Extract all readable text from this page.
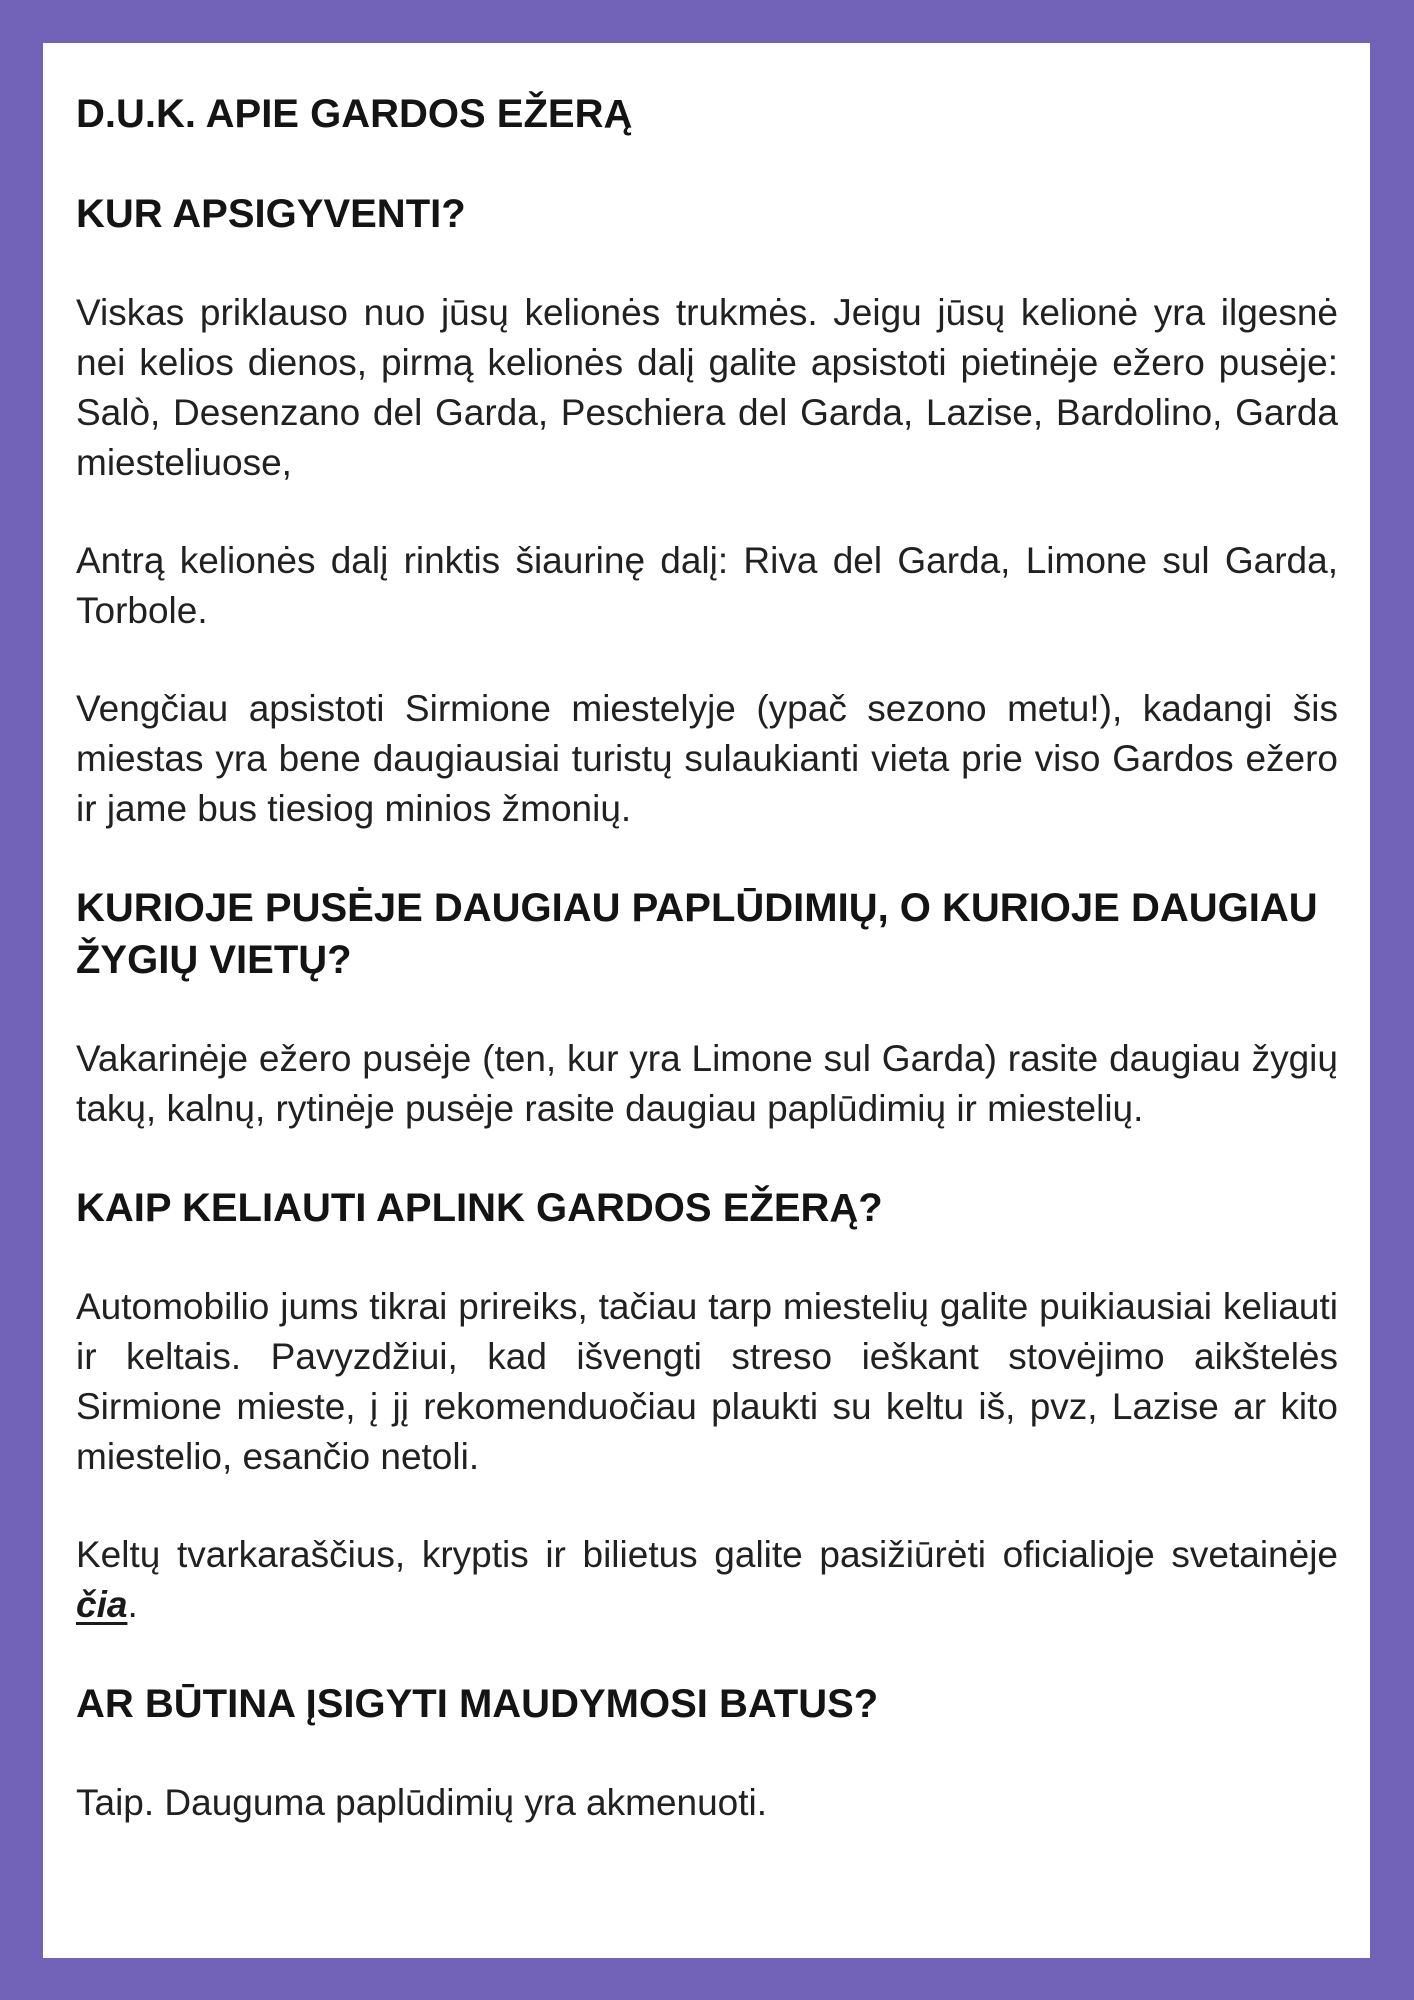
D.U.K. APIE GARDOS EŽERĄ
KUR APSIGYVENTI?

Viskas priklauso nuo jūsų kelionės trukmės. Jeigu jūsų kelionė yra ilgesnė nei kelios dienos, pirmą kelionės dalį galite apsistoti pietinėje ežero pusėje: Salò, Desenzano del Garda, Peschiera del Garda, Lazise, Bardolino, Garda miesteliuose,

Antrą kelionės dalį rinktis šiaurinę dalį: Riva del Garda, Limone sul Garda, Torbole.

Vengčiau apsistoti Sirmione miestelyje (ypač sezono metu!), kadangi šis miestas yra bene daugiausiai turistų sulaukianti vieta prie viso Gardos ežero ir jame bus tiesiog minios žmonių.

KURIOJE PUSĖJE DAUGIAU PAPLŪDIMIŲ, O KURIOJE DAUGIAU ŽYGIŲ VIETŲ?

Vakarinėje ežero pusėje (ten, kur yra Limone sul Garda) rasite daugiau žygių takų, kalnų, rytinėje pusėje rasite daugiau paplūdimių ir miestelių.

KAIP KELIAUTI APLINK GARDOS EŽERĄ?

Automobilio jums tikrai prireiks, tačiau tarp miestelių galite puikiausiai keliauti ir keltais. Pavyzdžiui, kad išvengti streso ieškant stovėjimo aikštelės Sirmione mieste, į jį rekomenduočiau plaukti su keltu iš, pvz, Lazise ar kito miestelio, esančio netoli.

Keltų tvarkaraščius, kryptis ir bilietus galite pasižiūrėti oficialioje svetainėje čia.

AR BŪTINA ĮSIGYTI MAUDYMOSI BATUS?

Taip. Dauguma paplūdimių yra akmenuoti.
